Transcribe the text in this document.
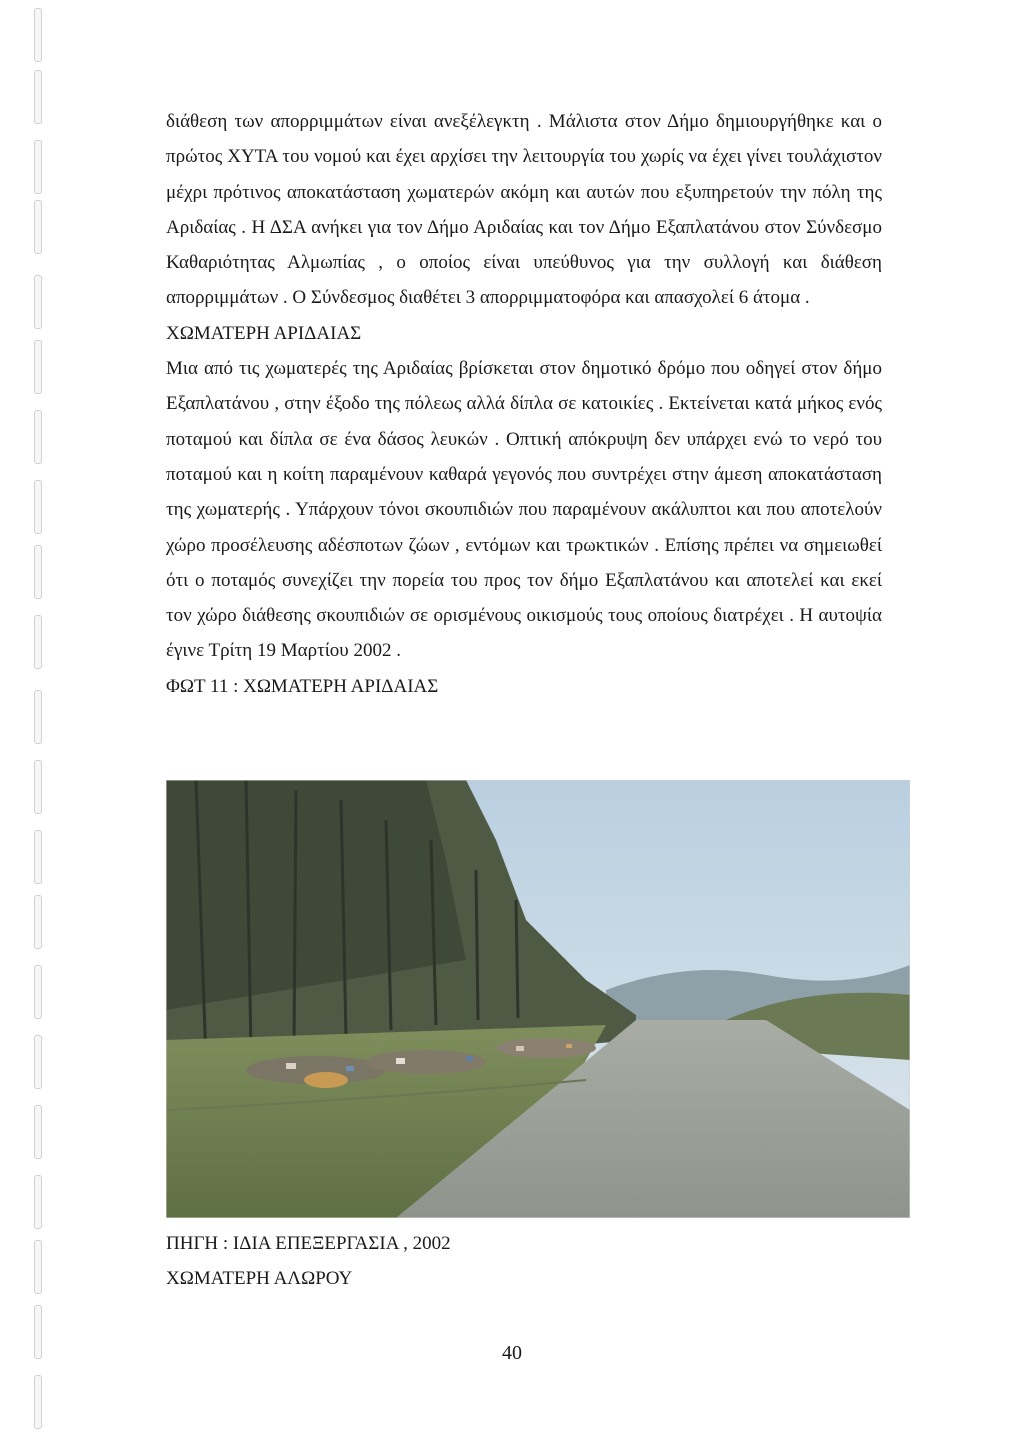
διάθεση των απορριμμάτων είναι ανεξέλεγκτη . Μάλιστα στον Δήμο δημιουργήθηκε και ο πρώτος ΧΥΤΑ του νομού και έχει αρχίσει την λειτουργία του χωρίς να έχει γίνει τουλάχιστον μέχρι πρότινος αποκατάσταση χωματερών ακόμη και αυτών που εξυπηρετούν την πόλη της Αριδαίας . Η ΔΣΑ ανήκει για τον Δήμο Αριδαίας και τον Δήμο Εξαπλατάνου στον Σύνδεσμο Καθαριότητας Αλμωπίας , ο οποίος είναι υπεύθυνος για την συλλογή και διάθεση απορριμμάτων . Ο Σύνδεσμος διαθέτει 3 απορριμματοφόρα και απασχολεί 6 άτομα .

ΧΩΜΑΤΕΡΗ ΑΡΙΔΑΙΑΣ

Μια από τις χωματερές της Αριδαίας βρίσκεται στον δημοτικό δρόμο που οδηγεί στον δήμο Εξαπλατάνου , στην έξοδο της πόλεως αλλά δίπλα σε κατοικίες . Εκτείνεται κατά μήκος ενός ποταμού και δίπλα σε ένα δάσος λευκών . Οπτική απόκρυψη δεν υπάρχει ενώ το νερό του ποταμού και η κοίτη παραμένουν καθαρά γεγονός που συντρέχει στην άμεση αποκατάσταση της χωματερής . Υπάρχουν τόνοι σκουπιδιών που παραμένουν ακάλυπτοι και που αποτελούν χώρο προσέλευσης αδέσποτων ζώων , εντόμων και τρωκτικών . Επίσης πρέπει να σημειωθεί ότι ο ποταμός συνεχίζει την πορεία του προς τον δήμο Εξαπλατάνου και αποτελεί και εκεί τον χώρο διάθεσης σκουπιδιών σε ορισμένους οικισμούς τους οποίους διατρέχει . Η αυτοψία έγινε Τρίτη 19 Μαρτίου 2002 .

ΦΩΤ 11 : ΧΩΜΑΤΕΡΗ ΑΡΙΔΑΙΑΣ

ΠΗΓΗ : ΙΔΙΑ ΕΠΕΞΕΡΓΑΣΙΑ , 2002

ΧΩΜΑΤΕΡΗ ΑΛΩΡΟΥ

40
